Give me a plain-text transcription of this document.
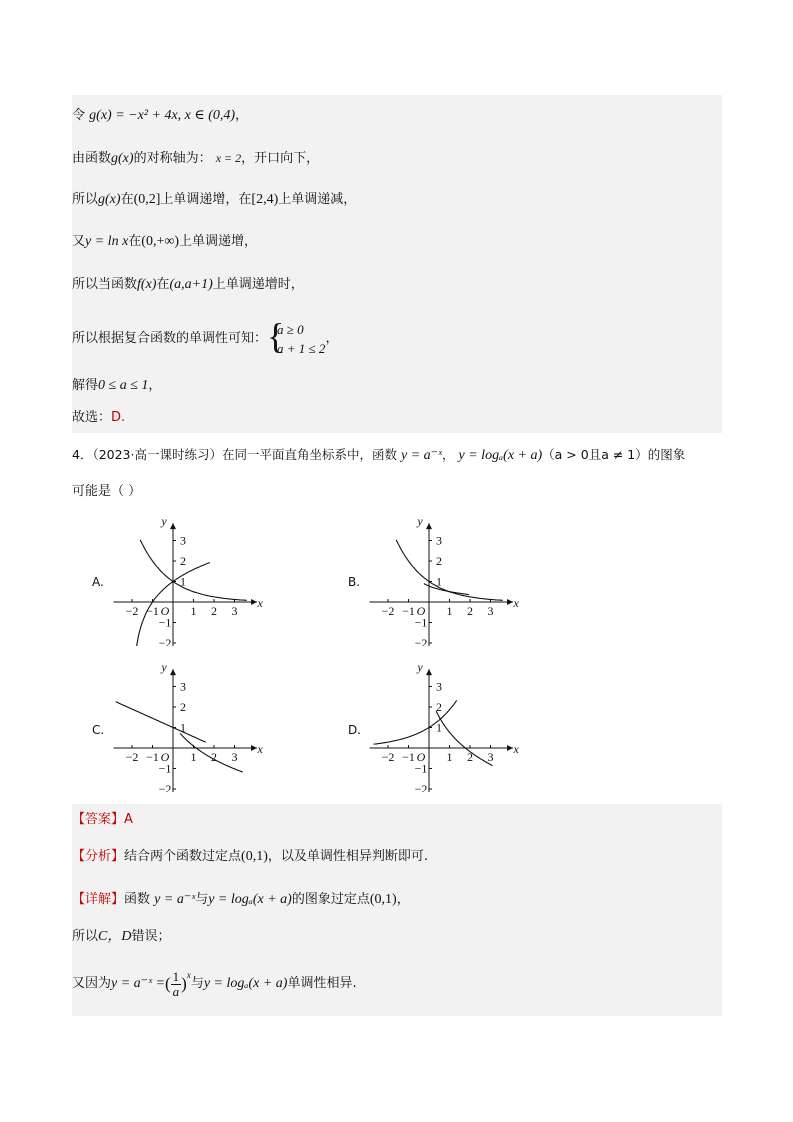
令 g(x) = −x² + 4x, x ∈ (0,4)，
由函数g(x)的对称轴为： x = 2，开口向下，
所以g(x)在(0,2]上单调递增，在[2,4)上单调递减，
又y = ln x在(0,+∞)上单调递增，
所以当函数f(x)在(a,a+1)上单调递增时，
所以根据复合函数的单调性可知： {
a ≥ 0
a + 1 ≤ 2
，
解得0 ≤ a ≤ 1，
故选：D.
4．（2023·高一课时练习）在同一平面直角坐标系中，函数 y = a⁻ˣ， y = logₐ(x + a)（a > 0且a ≠ 1）的图象
可能是（ ）
A.	B.
C.	D.
−2 −1	1 2 3
3
2
1
−1
−2
O
x
y
−2 −1	1 2 3
3
2
1
−1
−2
O
x
y
−2 −1	1 2 3
3
2
1
−1
−2
O
x
y
−2 −1	1 2 3
3
2
1
−1
−2
O
x
y
【答案】A
【分析】结合两个函数过定点(0,1)，以及单调性相异判断即可.
【详解】函数 y = a⁻ˣ与y = logₐ(x + a)的图象过定点(0,1)，
所以C，D错误；
又因为 y = a⁻ˣ = ( $\frac{1}{a}$ ) x
与 y = logₐ(x + a) 单调性相异.
